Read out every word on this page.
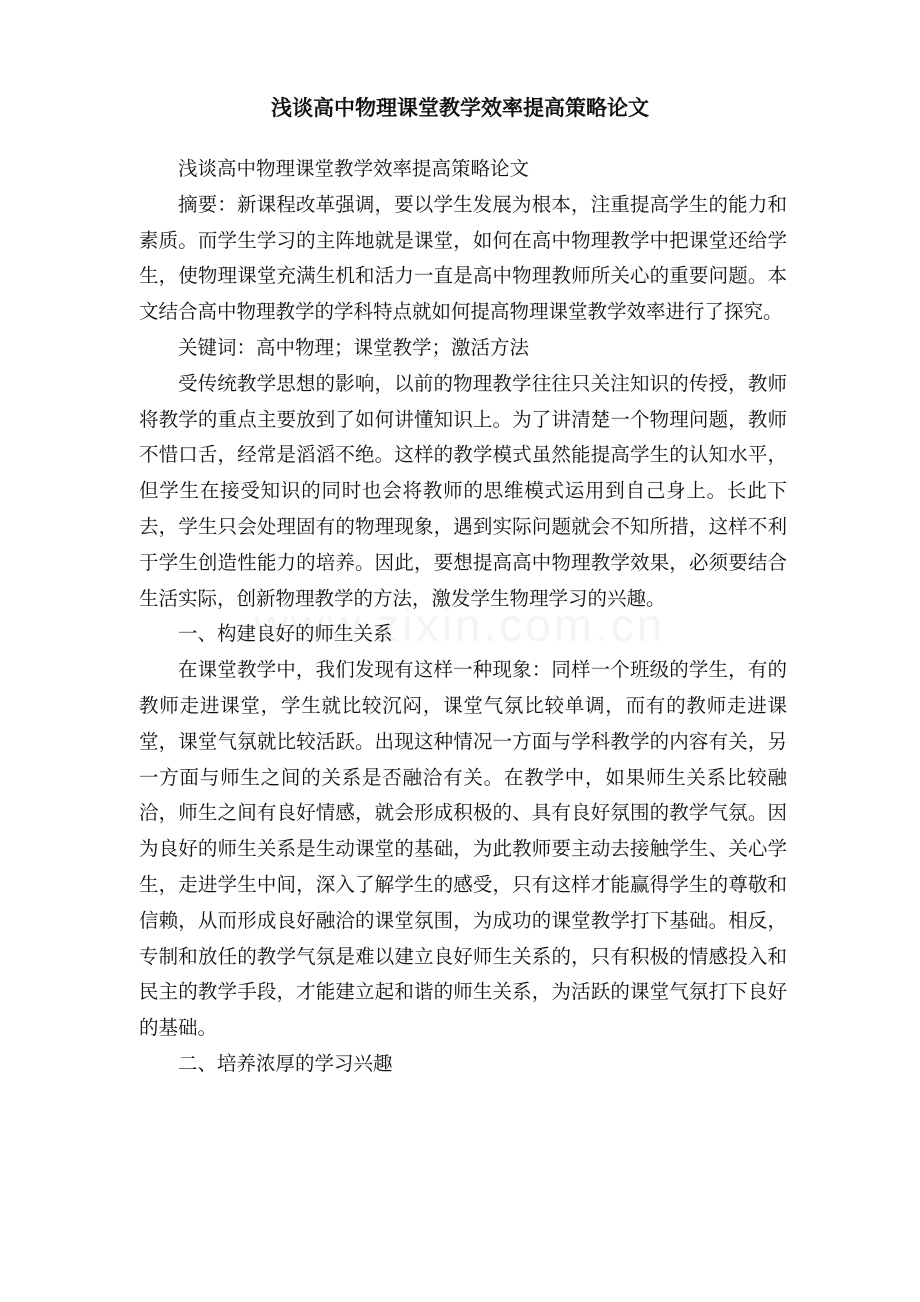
浅谈高中物理课堂教学效率提高策略论文

浅谈高中物理课堂教学效率提高策略论文

摘要：新课程改革强调，要以学生发展为根本，注重提高学生的能力和素质。而学生学习的主阵地就是课堂，如何在高中物理教学中把课堂还给学生，使物理课堂充满生机和活力一直是高中物理教师所关心的重要问题。本文结合高中物理教学的学科特点就如何提高物理课堂教学效率进行了探究。

关键词：高中物理；课堂教学；激活方法

受传统教学思想的影响，以前的物理教学往往只关注知识的传授，教师将教学的重点主要放到了如何讲懂知识上。为了讲清楚一个物理问题，教师不惜口舌，经常是滔滔不绝。这样的教学模式虽然能提高学生的认知水平，但学生在接受知识的同时也会将教师的思维模式运用到自己身上。长此下去，学生只会处理固有的物理现象，遇到实际问题就会不知所措，这样不利于学生创造性能力的培养。因此，要想提高高中物理教学效果，必须要结合生活实际，创新物理教学的方法，激发学生物理学习的兴趣。

一、构建良好的师生关系

在课堂教学中，我们发现有这样一种现象：同样一个班级的学生，有的教师走进课堂，学生就比较沉闷，课堂气氛比较单调，而有的教师走进课堂，课堂气氛就比较活跃。出现这种情况一方面与学科教学的内容有关，另一方面与师生之间的关系是否融洽有关。在教学中，如果师生关系比较融洽，师生之间有良好情感，就会形成积极的、具有良好氛围的教学气氛。因为良好的师生关系是生动课堂的基础，为此教师要主动去接触学生、关心学生，走进学生中间，深入了解学生的感受，只有这样才能赢得学生的尊敬和信赖，从而形成良好融洽的课堂氛围，为成功的课堂教学打下基础。相反，专制和放任的教学气氛是难以建立良好师生关系的，只有积极的情感投入和民主的教学手段，才能建立起和谐的师生关系，为活跃的课堂气氛打下良好的基础。

二、培养浓厚的学习兴趣
